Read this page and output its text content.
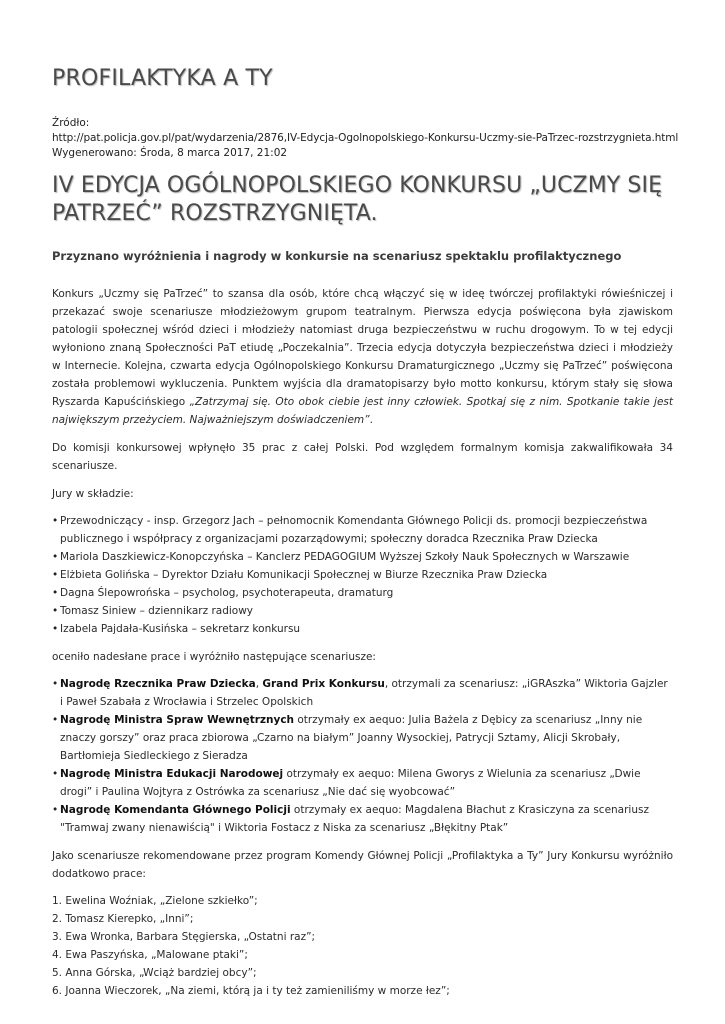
PROFILAKTYKA A TY
Źródło:
http://pat.policja.gov.pl/pat/wydarzenia/2876,IV-Edycja-Ogolnopolskiego-Konkursu-Uczmy-sie-PaTrzec-rozstrzygnieta.html
Wygenerowano: Środa, 8 marca 2017, 21:02
IV EDYCJA OGÓLNOPOLSKIEGO KONKURSU „UCZMY SIĘ PATRZEĆ” ROZSTRZYGNIĘTA.
Przyznano wyróżnienia i nagrody w konkursie na scenariusz spektaklu profilaktycznego

Konkurs „Uczmy się PaTrzeć” to szansa dla osób, które chcą włączyć się w ideę twórczej profilaktyki rówieśniczej i przekazać swoje scenariusze młodzieżowym grupom teatralnym. Pierwsza edycja poświęcona była zjawiskom patologii społecznej wśród dzieci i młodzieży natomiast druga bezpieczeństwu w ruchu drogowym. To w tej edycji wyłoniono znaną Społeczności PaT etiudę „Poczekalnia”. Trzecia edycja dotyczyła bezpieczeństwa dzieci i młodzieży w Internecie. Kolejna, czwarta edycja Ogólnopolskiego Konkursu Dramaturgicznego „Uczmy się PaTrzeć” poświęcona została problemowi wykluczenia. Punktem wyjścia dla dramatopisarzy było motto konkursu, którym stały się słowa Ryszarda Kapuścińskiego „Zatrzymaj się. Oto obok ciebie jest inny człowiek. Spotkaj się z nim. Spotkanie takie jest największym przeżyciem. Najważniejszym doświadczeniem”.

Do komisji konkursowej wpłynęło 35 prac z całej Polski. Pod względem formalnym komisja zakwalifikowała 34 scenariusze.

Jury w składzie:

• Przewodniczący - insp. Grzegorz Jach – pełnomocnik Komendanta Głównego Policji ds. promocji bezpieczeństwa publicznego i współpracy z organizacjami pozarządowymi; społeczny doradca Rzecznika Praw Dziecka
• Mariola Daszkiewicz-Konopczyńska – Kanclerz PEDAGOGIUM Wyższej Szkoły Nauk Społecznych w Warszawie
• Elżbieta Golińska – Dyrektor Działu Komunikacji Społecznej w Biurze Rzecznika Praw Dziecka
• Dagna Ślepowrońska – psycholog, psychoterapeuta, dramaturg
• Tomasz Siniew – dziennikarz radiowy
• Izabela Pajdała-Kusińska – sekretarz konkursu

oceniło nadesłane prace i wyróżniło następujące scenariusze:

• Nagrodę Rzecznika Praw Dziecka, Grand Prix Konkursu, otrzymali za scenariusz: „iGRAszka” Wiktoria Gajzler i Paweł Szabała z Wrocławia i Strzelec Opolskich
• Nagrodę Ministra Spraw Wewnętrznych otrzymały ex aequo: Julia Bażela z Dębicy za scenariusz „Inny nie znaczy gorszy” oraz praca zbiorowa „Czarno na białym” Joanny Wysockiej, Patrycji Sztamy, Alicji Skrobały, Bartłomieja Siedleckiego z Sieradza
• Nagrodę Ministra Edukacji Narodowej otrzymały ex aequo: Milena Gworys z Wielunia za scenariusz „Dwie drogi” i Paulina Wojtyra z Ostrówka za scenariusz „Nie dać się wyobcować”
• Nagrodę Komendanta Głównego Policji otrzymały ex aequo: Magdalena Błachut z Krasiczyna za scenariusz "Tramwaj zwany nienawiścią" i Wiktoria Fostacz z Niska za scenariusz „Błękitny Ptak”

Jako scenariusze rekomendowane przez program Komendy Głównej Policji „Profilaktyka a Ty” Jury Konkursu wyróżniło dodatkowo prace:

1. Ewelina Woźniak, „Zielone szkiełko”;
2. Tomasz Kierepko, „Inni”;
3. Ewa Wronka, Barbara Stęgierska, „Ostatni raz”;
4. Ewa Paszyńska, „Malowane ptaki”;
5. Anna Górska, „Wciąż bardziej obcy”;
6. Joanna Wieczorek, „Na ziemi, którą ja i ty też zamieniliśmy w morze łez”;
